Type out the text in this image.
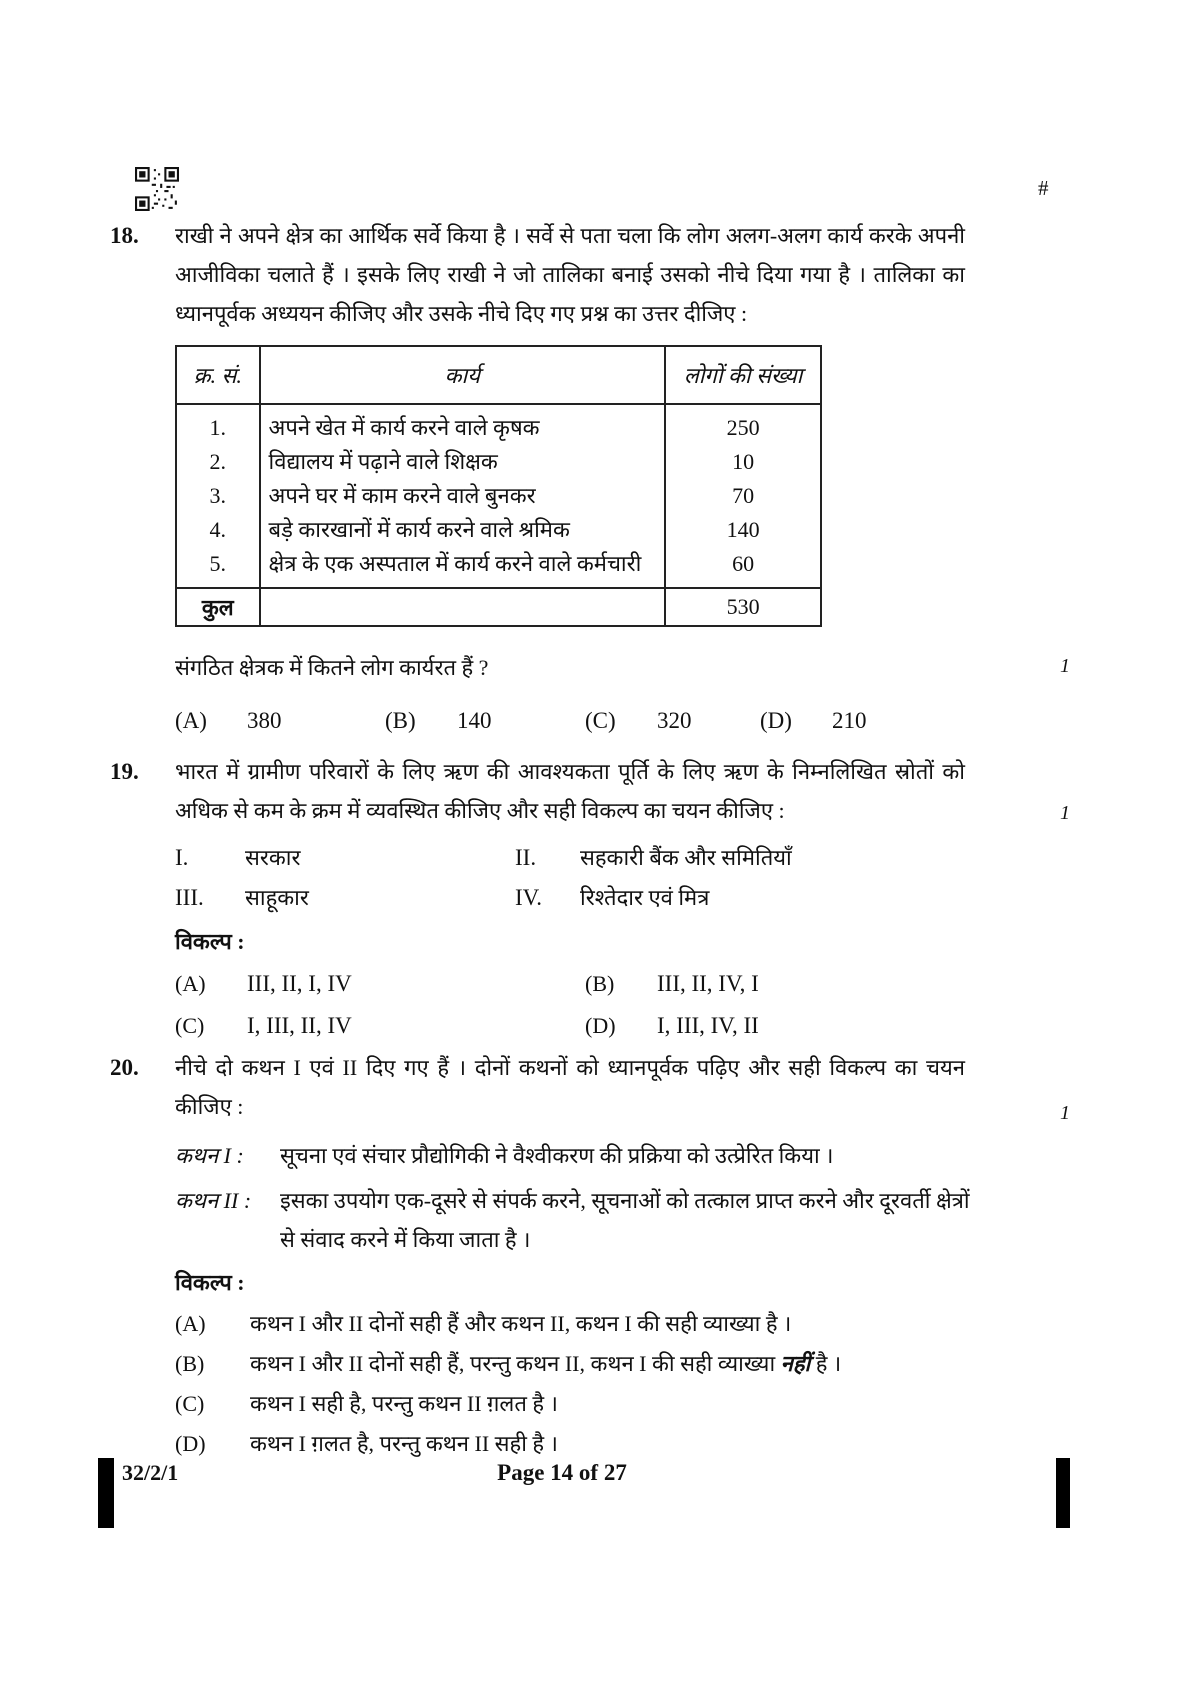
#
18.	राखी ने अपने क्षेत्र का आर्थिक सर्वे किया है । सर्वे से पता चला कि लोग अलग-अलग कार्य करके अपनी आजीविका चलाते हैं । इसके लिए राखी ने जो तालिका बनाई उसको नीचे दिया गया है । तालिका का ध्यानपूर्वक अध्ययन कीजिए और उसके नीचे दिए गए प्रश्न का उत्तर दीजिए :

क्र. सं.	कार्य	लोगों की संख्या
1.	अपने खेत में कार्य करने वाले कृषक	250
2.	विद्यालय में पढ़ाने वाले शिक्षक	10
3.	अपने घर में काम करने वाले बुनकर	70
4.	बड़े कारखानों में कार्य करने वाले श्रमिक	140
5.	क्षेत्र के एक अस्पताल में कार्य करने वाले कर्मचारी	60
कुल		530
संगठित क्षेत्रक में कितने लोग कार्यरत हैं ?	1
(A) 380	(B) 140	(C) 320	(D) 210
19.	भारत में ग्रामीण परिवारों के लिए ऋण की आवश्यकता पूर्ति के लिए ऋण के निम्नलिखित स्रोतों को अधिक से कम के क्रम में व्यवस्थित कीजिए और सही विकल्प का चयन कीजिए :	1
I.	सरकार	II. सहकारी बैंक और समितियाँ
III. साहूकार	IV. रिश्तेदार एवं मित्र
विकल्प :
(A) III, II, I, IV	(B) III, II, IV, I
(C) I, III, II, IV	(D) I, III, IV, II
20.	नीचे दो कथन I एवं II दिए गए हैं । दोनों कथनों को ध्यानपूर्वक पढ़िए और सही विकल्प का चयन कीजिए :	1
कथन I :	सूचना एवं संचार प्रौद्योगिकी ने वैश्वीकरण की प्रक्रिया को उत्प्रेरित किया ।
कथन II :	इसका उपयोग एक-दूसरे से संपर्क करने, सूचनाओं को तत्काल प्राप्त करने और दूरवर्ती क्षेत्रों से संवाद करने में किया जाता है ।
विकल्प :
(A)	कथन I और II दोनों सही हैं और कथन II, कथन I की सही व्याख्या है ।
(B)	कथन I और II दोनों सही हैं, परन्तु कथन II, कथन I की सही व्याख्या नहीं है ।
(C)	कथन I सही है, परन्तु कथन II ग़लत है ।
(D)	कथन I ग़लत है, परन्तु कथन II सही है ।
32/2/1	Page 14 of 27
